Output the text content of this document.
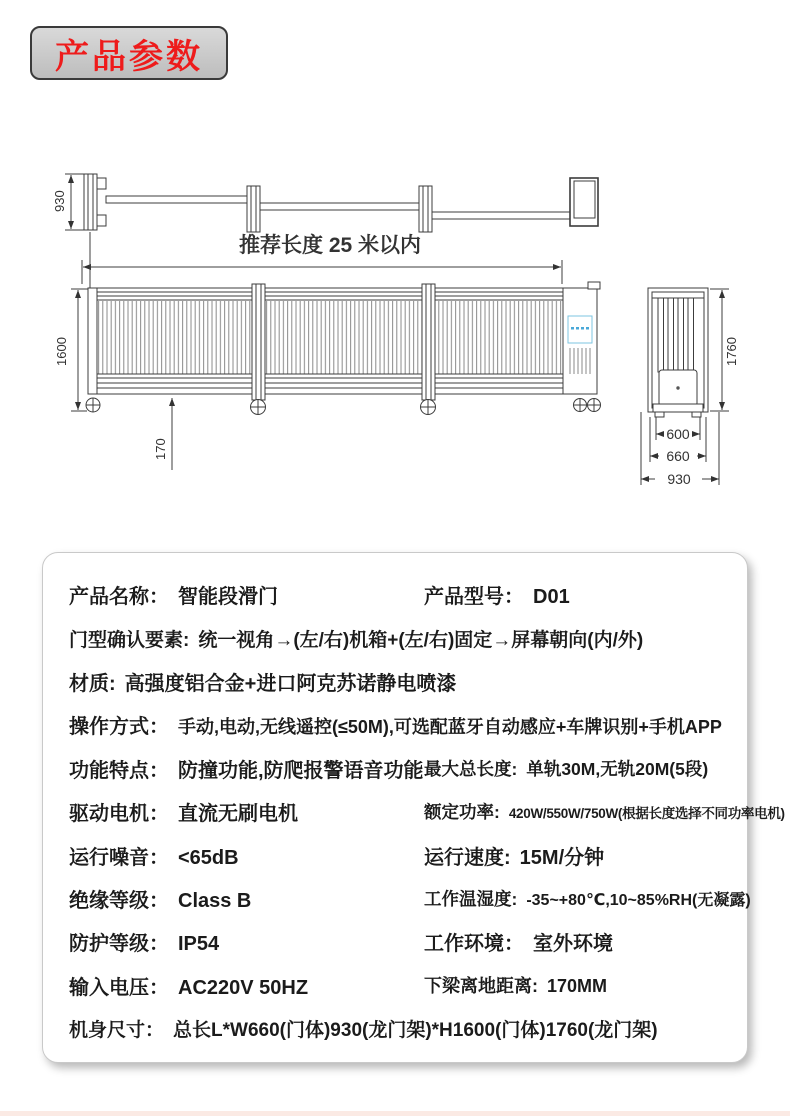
产品参数
930
推荐长度 25 米以内
1600
170
1760
600
660
930
产品名称： 智能段滑门	产品型号： D01
门型确认要素: 统一视角→(左/右)机箱+(左/右)固定→屏幕朝向(内/外)
材质: 高强度铝合金+进口阿克苏诺静电喷漆
操作方式： 手动,电动,无线遥控(≤50M),可选配蓝牙自动感应+车牌识别+手机APP
功能特点： 防撞功能,防爬报警语音功能 最大总长度: 单轨30M,无轨20M(5段)
驱动电机： 直流无刷电机	额定功率: 420W/550W/750W(根据长度选择不同功率电机)
运行噪音： <65dB	运行速度: 15M/分钟
绝缘等级： Class B	工作温湿度: -35~+80℃,10~85%RH(无凝露)
防护等级： IP54	工作环境： 室外环境
输入电压： AC220V 50HZ	下梁离地距离: 170MM
机身尺寸： 总长L*W660(门体)930(龙门架)*H1600(门体)1760(龙门架)
